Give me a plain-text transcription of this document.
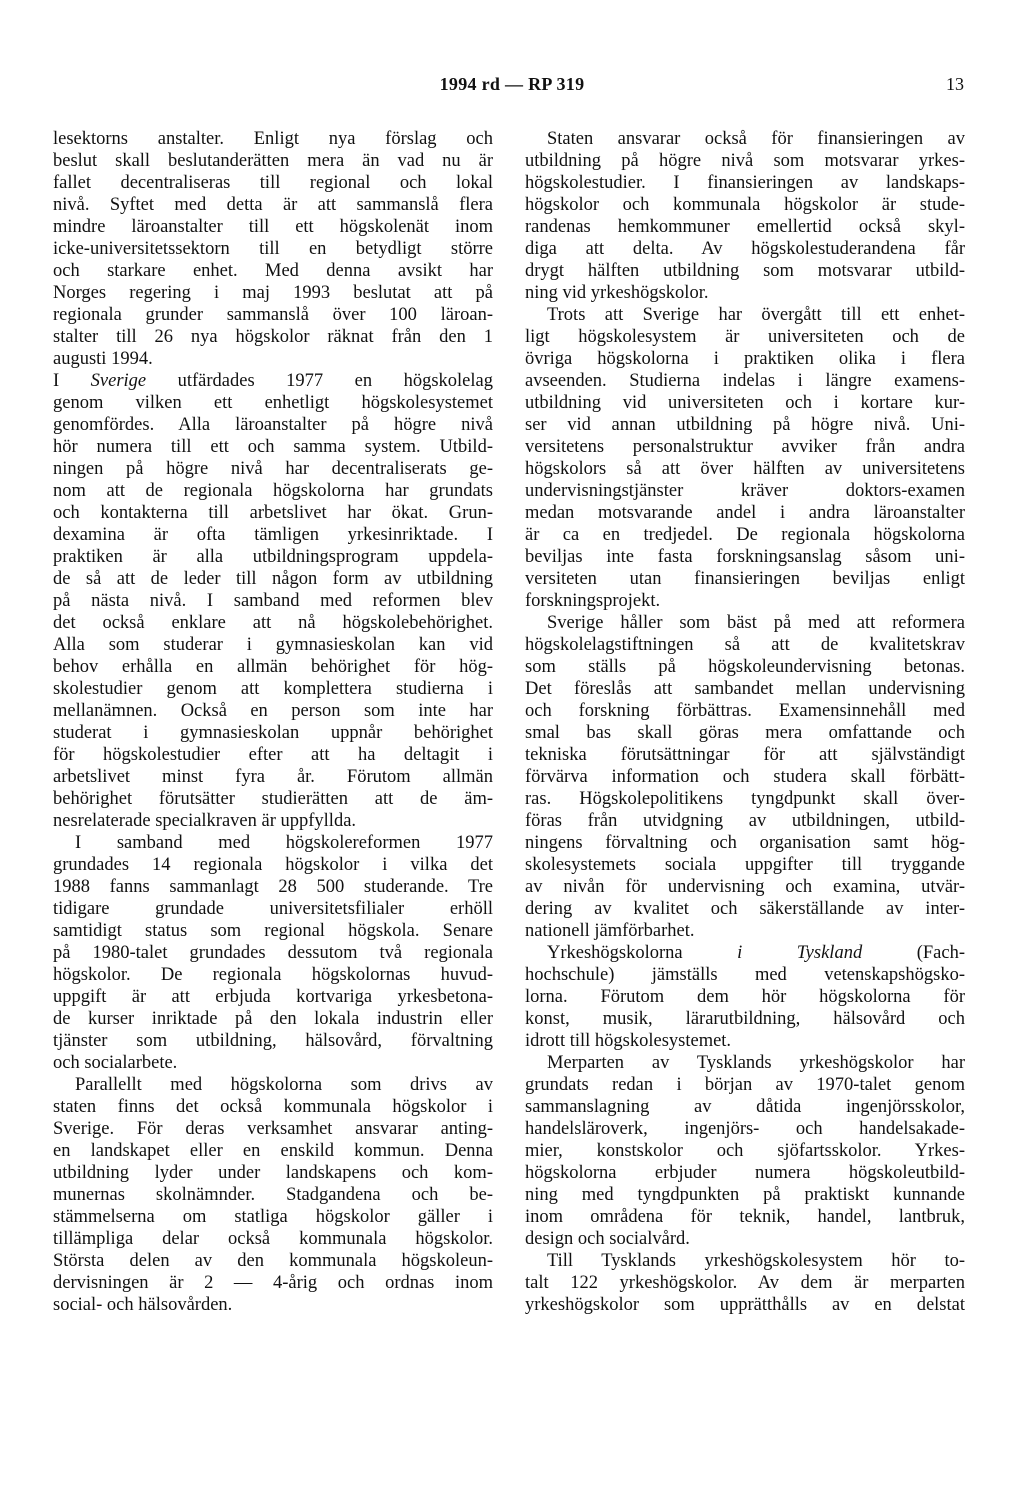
1994 rd — RP 319	13

lesektorns anstalter. Enligt nya förslag och
beslut skall beslutanderätten mera än vad nu är
fallet decentraliseras till regional och lokal
nivå. Syftet med detta är att sammanslå flera
mindre läroanstalter till ett högskolenät inom
icke-universitetssektorn till en betydligt större
och starkare enhet. Med denna avsikt har
Norges regering i maj 1993 beslutat att på
regionala grunder sammanslå över 100 läroan-
stalter till 26 nya högskolor räknat från den 1
augusti 1994.

I Sverige utfärdades 1977 en högskolelag
genom vilken ett enhetligt högskolesystemet
genomfördes. Alla läroanstalter på högre nivå
hör numera till ett och samma system. Utbild-
ningen på högre nivå har decentraliserats ge-
nom att de regionala högskolorna har grundats
och kontakterna till arbetslivet har ökat. Grun-
dexamina är ofta tämligen yrkesinriktade. I
praktiken är alla utbildningsprogram uppdela-
de så att de leder till någon form av utbildning
på nästa nivå. I samband med reformen blev
det också enklare att nå högskolebehörighet.
Alla som studerar i gymnasieskolan kan vid
behov erhålla en allmän behörighet för hög-
skolestudier genom att komplettera studierna i
mellanämnen. Också en person som inte har
studerat i gymnasieskolan uppnår behörighet
för högskolestudier efter att ha deltagit i
arbetslivet minst fyra år. Förutom allmän
behörighet förutsätter studierätten att de äm-
nesrelaterade specialkraven är uppfyllda.

I samband med högskolereformen 1977
grundades 14 regionala högskolor i vilka det
1988 fanns sammanlagt 28 500 studerande. Tre
tidigare grundade universitetsfilialer erhöll
samtidigt status som regional högskola. Senare
på 1980-talet grundades dessutom två regionala
högskolor. De regionala högskolornas huvud-
uppgift är att erbjuda kortvariga yrkesbetona-
de kurser inriktade på den lokala industrin eller
tjänster som utbildning, hälsovård, förvaltning
och socialarbete.

Parallellt med högskolorna som drivs av
staten finns det också kommunala högskolor i
Sverige. För deras verksamhet ansvarar anting-
en landskapet eller en enskild kommun. Denna
utbildning lyder under landskapens och kom-
munernas skolnämnder. Stadgandena och be-
stämmelserna om statliga högskolor gäller i
tillämpliga delar också kommunala högskolor.
Största delen av den kommunala högskoleun-
dervisningen är 2 — 4-årig och ordnas inom
social- och hälsovården.

Staten ansvarar också för finansieringen av
utbildning på högre nivå som motsvarar yrkes-
högskolestudier. I finansieringen av landskaps-
högskolor och kommunala högskolor är stude-
randenas hemkommuner emellertid också skyl-
diga att delta. Av högskolestuderandena får
drygt hälften utbildning som motsvarar utbild-
ning vid yrkeshögskolor.

Trots att Sverige har övergått till ett enhet-
ligt högskolesystem är universiteten och de
övriga högskolorna i praktiken olika i flera
avseenden. Studierna indelas i längre examens-
utbildning vid universiteten och i kortare kur-
ser vid annan utbildning på högre nivå. Uni-
versitetens personalstruktur avviker från andra
högskolors så att över hälften av universitetens
undervisningstjänster kräver doktors-examen
medan motsvarande andel i andra läroanstalter
är ca en tredjedel. De regionala högskolorna
beviljas inte fasta forskningsanslag såsom uni-
versiteten utan finansieringen beviljas enligt
forskningsprojekt.

Sverige håller som bäst på med att reformera
högskolelagstiftningen så att de kvalitetskrav
som ställs på högskoleundervisning betonas.
Det föreslås att sambandet mellan undervisning
och forskning förbättras. Examensinnehåll med
smal bas skall göras mera omfattande och
tekniska förutsättningar för att självständigt
förvärva information och studera skall förbätt-
ras. Högskolepolitikens tyngdpunkt skall över-
föras från utvidgning av utbildningen, utbild-
ningens förvaltning och organisation samt hög-
skolesystemets sociala uppgifter till tryggande
av nivån för undervisning och examina, utvär-
dering av kvalitet och säkerställande av inter-
nationell jämförbarhet.

Yrkeshögskolorna i Tyskland (Fach-
hochschule) jämställs med vetenskapshögsko-
lorna. Förutom dem hör högskolorna för
konst, musik, lärarutbildning, hälsovård och
idrott till högskolesystemet.

Merparten av Tysklands yrkeshögskolor har
grundats redan i början av 1970-talet genom
sammanslagning av dåtida ingenjörsskolor,
handelsläroverk, ingenjörs- och handelsakade-
mier, konstskolor och sjöfartsskolor. Yrkes-
högskolorna erbjuder numera högskoleutbild-
ning med tyngdpunkten på praktiskt kunnande
inom områdena för teknik, handel, lantbruk,
design och socialvård.

Till Tysklands yrkeshögskolesystem hör to-
talt 122 yrkeshögskolor. Av dem är merparten
yrkeshögskolor som upprätthålls av en delstat
